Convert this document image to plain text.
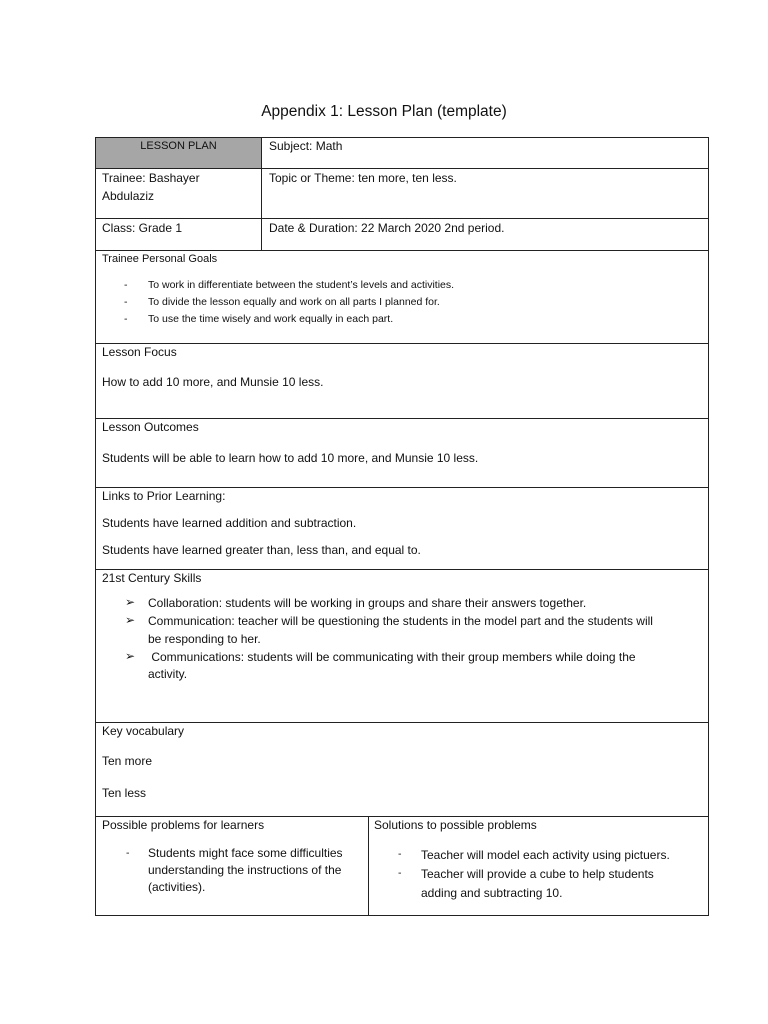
Appendix 1: Lesson Plan (template)
LESSON PLAN	Subject: Math
Trainee: Bashayer
Abdulaziz
Topic or Theme: ten more, ten less.
Class: Grade 1	Date & Duration: 22 March 2020 2nd period.
Trainee Personal Goals
- To work in differentiate between the student’s levels and activities.
- To divide the lesson equally and work on all parts I planned for.
- To use the time wisely and work equally in each part.
Lesson Focus
How to add 10 more, and Munsie 10 less.
Lesson Outcomes
Students will be able to learn how to add 10 more, and Munsie 10 less.
Links to Prior Learning:
Students have learned addition and subtraction.
Students have learned greater than, less than, and equal to.
21st Century Skills
➢ Collaboration: students will be working in groups and share their answers together.
➢ Communication: teacher will be questioning the students in the model part and the students will
be responding to her.
➢ Communications: students will be communicating with their group members while doing the
activity.
Key vocabulary
Ten more
Ten less
Possible problems for learners
- Students might face some difficulties
understanding the instructions of the
(activities).
Solutions to possible problems
- Teacher will model each activity using pictuers.
- Teacher will provide a cube to help students
adding and subtracting 10.
